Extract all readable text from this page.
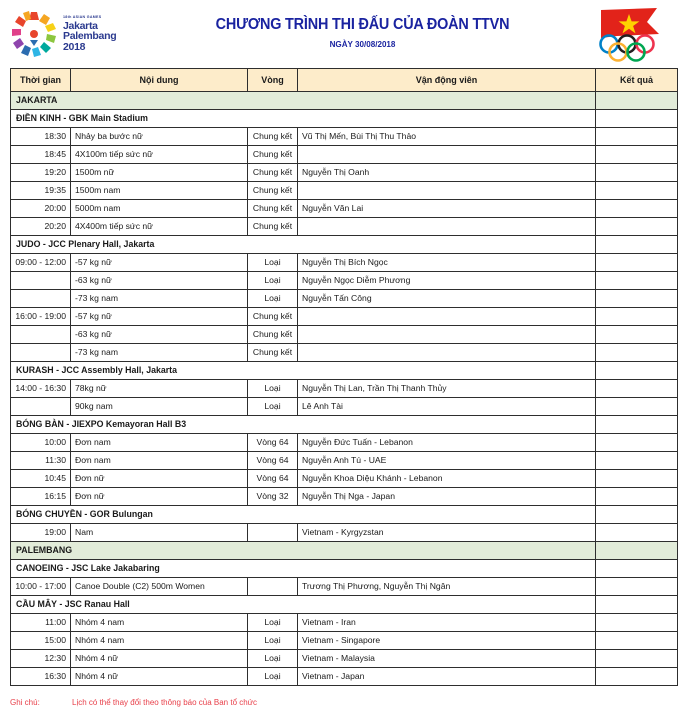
18th ASIAN GAMES
Jakarta
Palembang
2018
CHƯƠNG TRÌNH THI ĐẤU CỦA ĐOÀN TTVN
NGÀY 30/08/2018
Thời gian	Nội dung	Vòng	Vận động viên	Kết quả
JAKARTA				
ĐIỀN KINH - GBK Main Stadium				
18:30	Nhảy ba bước nữ	Chung kết	Vũ Thị Mến, Bùi Thị Thu Thảo	
18:45	4X100m tiếp sức nữ	Chung kết		
19:20	1500m nữ	Chung kết	Nguyễn Thị Oanh	
19:35	1500m nam	Chung kết		
20:00	5000m nam	Chung kết	Nguyễn Văn Lai	
20:20	4X400m tiếp sức nữ	Chung kết		
JUDO - JCC Plenary Hall, Jakarta				
09:00 - 12:00	-57 kg nữ	Loại	Nguyễn Thị Bích Ngọc	
	-63 kg nữ	Loại	Nguyễn Ngọc Diễm Phương	
	-73 kg nam	Loại	Nguyễn Tấn Công	
16:00 - 19:00	-57 kg nữ	Chung kết		
	-63 kg nữ	Chung kết		
	-73 kg nam	Chung kết		
KURASH - JCC Assembly Hall, Jakarta				
14:00 - 16:30	78kg nữ	Loại	Nguyễn Thị Lan, Trần Thị Thanh Thủy	
	90kg nam	Loại	Lê Anh Tài	
BÓNG BÀN - JIEXPO Kemayoran Hall B3				
10:00	Đơn nam	Vòng 64	Nguyễn Đức Tuấn - Lebanon	
11:30	Đơn nam	Vòng 64	Nguyễn Anh Tú - UAE	
10:45	Đơn nữ	Vòng 64	Nguyễn Khoa Diệu Khánh - Lebanon	
16:15	Đơn nữ	Vòng 32	Nguyễn Thị Nga - Japan	
BÓNG CHUYỀN - GOR Bulungan				
19:00	Nam		Vietnam - Kyrgyzstan	
PALEMBANG				
CANOEING - JSC Lake Jakabaring				
10:00 - 17:00	Canoe Double (C2) 500m Women		Trương Thị Phương, Nguyễn Thị Ngân	
CẦU MÂY - JSC Ranau Hall				
11:00	Nhóm 4 nam	Loại	Vietnam - Iran	
15:00	Nhóm 4 nam	Loại	Vietnam - Singapore	
12:30	Nhóm 4 nữ	Loại	Vietnam - Malaysia	
16:30	Nhóm 4 nữ	Loại	Vietnam - Japan	
Ghi chú:	Lịch có thể thay đổi theo thông báo của Ban tổ chức
